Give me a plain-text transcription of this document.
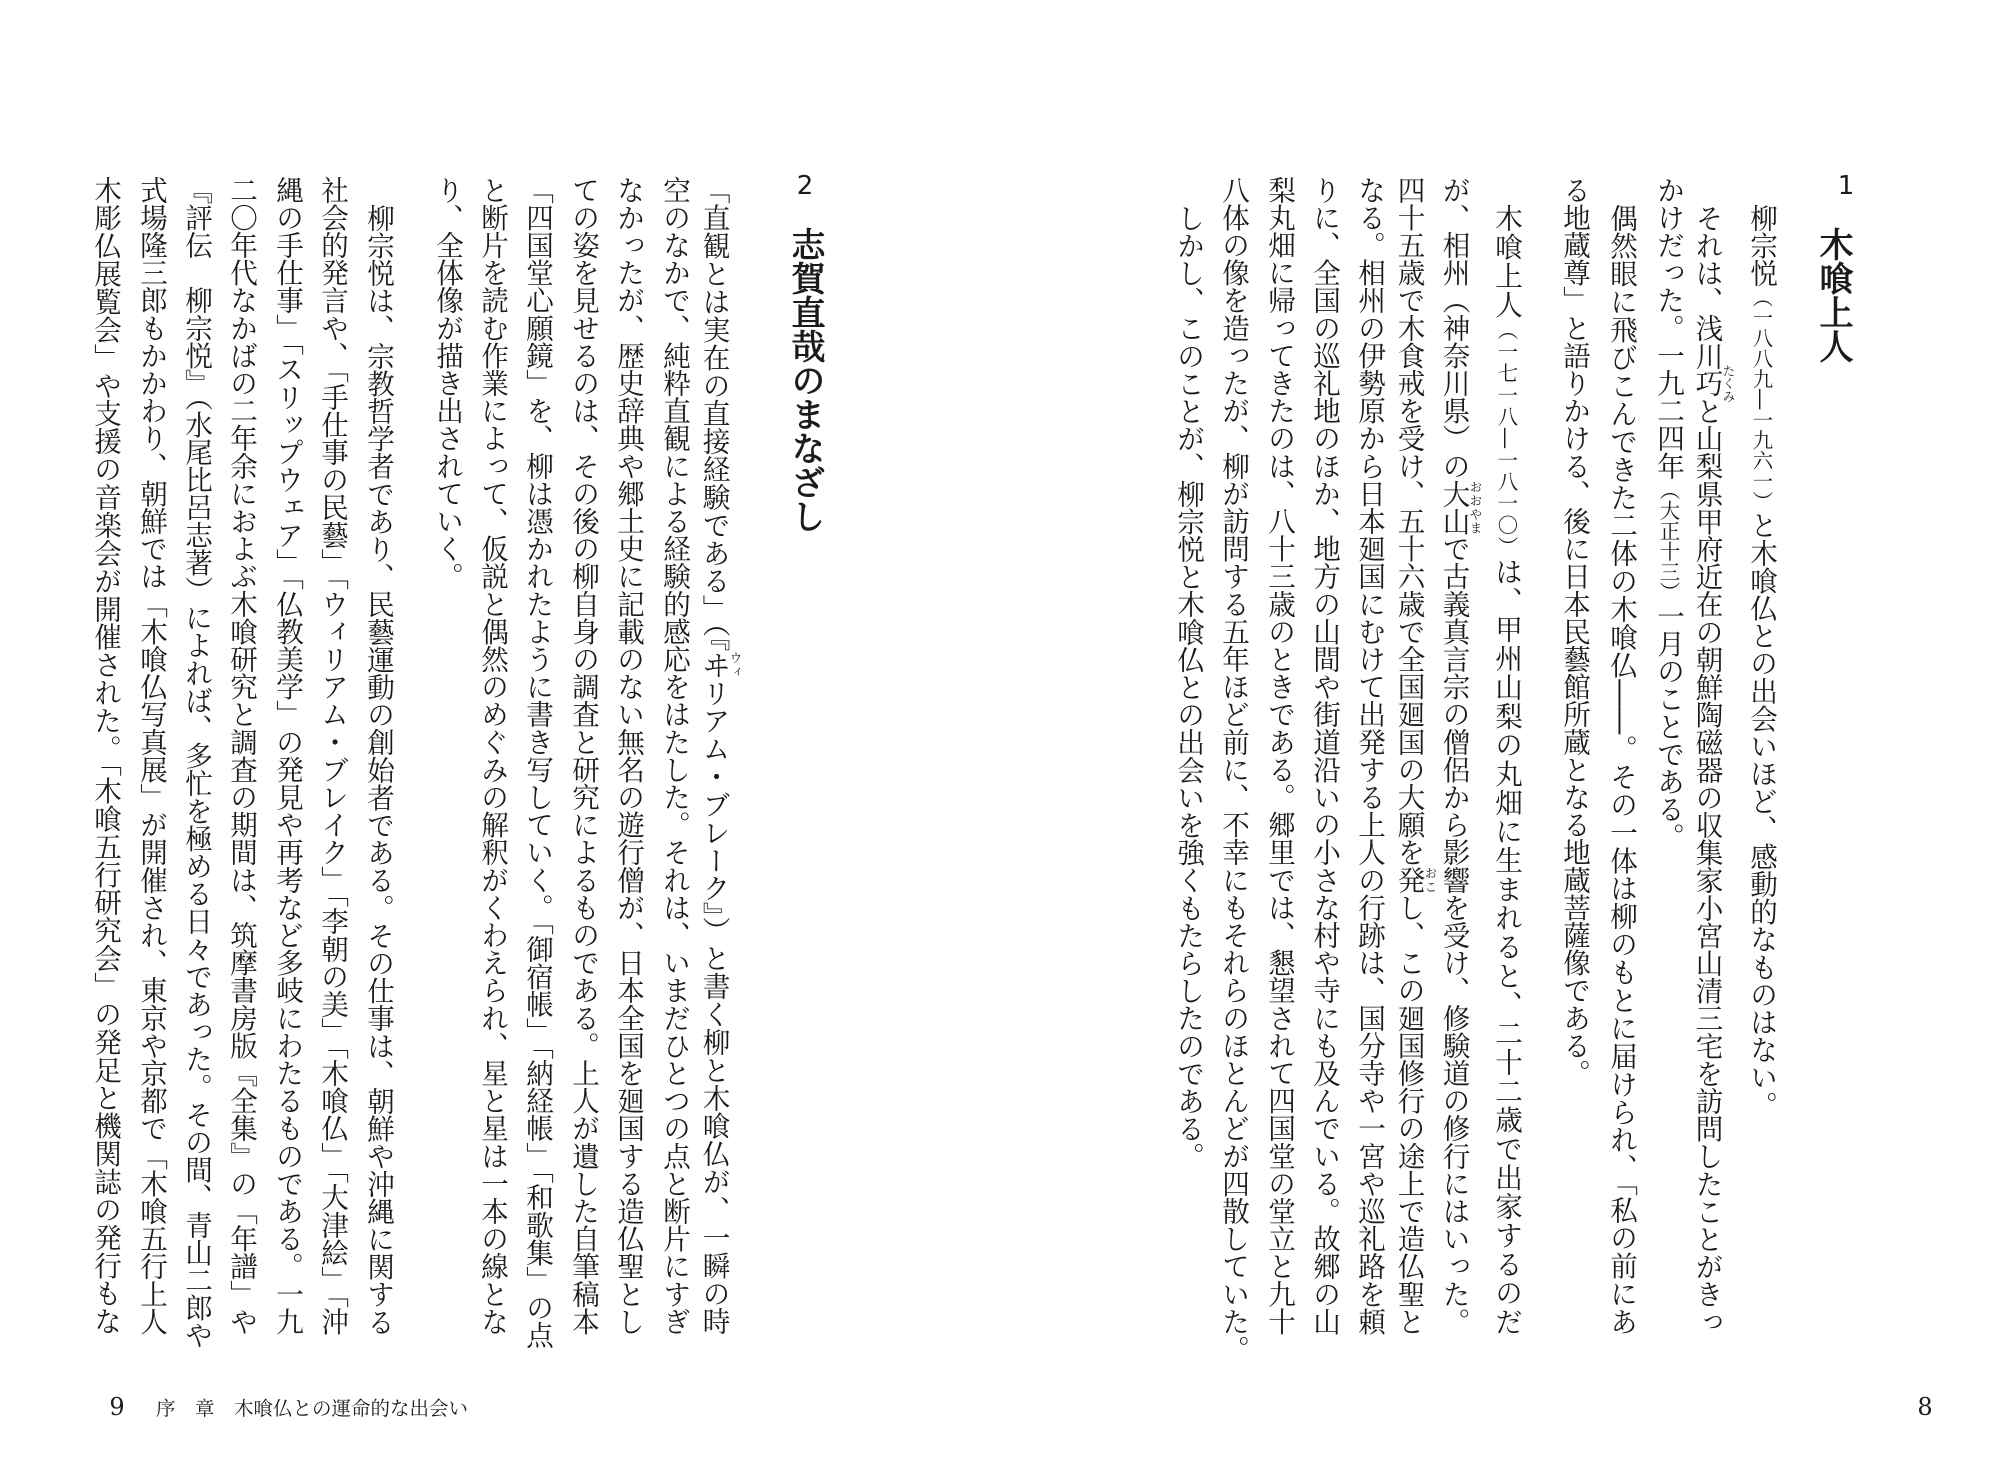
2
志賀直哉のまなざし
「直観とは実在の直接経験である」（『ヰウィリアム・ブレーク』）と書く柳と木喰仏が、一瞬の時
空のなかで、純粋直観による経験的感応をはたした。それは、いまだひとつの点と断片にすぎ
なかったが、歴史辞典や郷土史に記載のない無名の遊行僧が、日本全国を廻国する造仏聖とし
ての姿を見せるのは、その後の柳自身の調査と研究によるものである。上人が遺した自筆稿本
「四国堂心願鏡」を、柳は憑かれたように書き写していく。「御宿帳」「納経帳」「和歌集」の点
と断片を読む作業によって、仮説と偶然のめぐみの解釈がくわえられ、星と星は一本の線とな
り、全体像が描き出されていく。
柳宗悦は、宗教哲学者であり、民藝運動の創始者である。その仕事は、朝鮮や沖縄に関する
社会的発言や、「手仕事の民藝」「ウィリアム・ブレイク」「李朝の美」「木喰仏」「大津絵」「沖
縄の手仕事」「スリップウェア」「仏教美学」の発見や再考など多岐にわたるものである。一九
二〇年代なかばの二年余におよぶ木喰研究と調査の期間は、筑摩書房版『全集』の「年譜」や
『評伝　柳宗悦』（水尾比呂志著）によれば、多忙を極める日々であった。その間、青山二郎や
式場隆三郎もかかわり、朝鮮では「木喰仏写真展」が開催され、東京や京都で「木喰五行上人
木彫仏展覧会」や支援の音楽会が開催された。「木喰五行研究会」の発足と機関誌の発行もな
9 序　章　木喰仏との運命的な出会い
1
木喰上人
柳宗悦（一八八九―一九六一）と木喰仏との出会いほど、感動的なものはない。
それは、浅川巧たくみと山梨県甲府近在の朝鮮陶磁器の収集家小宮山清三宅を訪問したことがきっ
かけだった。一九二四年（大正十三）一月のことである。
偶然眼に飛びこんできた二体の木喰仏――。その一体は柳のもとに届けられ、「私の前にあ
る地蔵尊」と語りかける、後に日本民藝館所蔵となる地蔵菩薩像である。
木喰上人（一七一八―一八一〇）は、甲州山梨の丸畑に生まれると、二十二歳で出家するのだ
が、相州（神奈川県）の大山おおやまで古義真言宗の僧侶から影響を受け、修験道の修行にはいった。
四十五歳で木食戒を受け、五十六歳で全国廻国の大願を発おこし、この廻国修行の途上で造仏聖と
なる。相州の伊勢原から日本廻国にむけて出発する上人の行跡は、国分寺や一宮や巡礼路を頼
りに、全国の巡礼地のほか、地方の山間や街道沿いの小さな村や寺にも及んでいる。故郷の山
梨丸畑に帰ってきたのは、八十三歳のときである。郷里では、懇望されて四国堂の堂立と九十
八体の像を造ったが、柳が訪問する五年ほど前に、不幸にもそれらのほとんどが四散していた。
しかし、このことが、柳宗悦と木喰仏との出会いを強くもたらしたのである。
8
